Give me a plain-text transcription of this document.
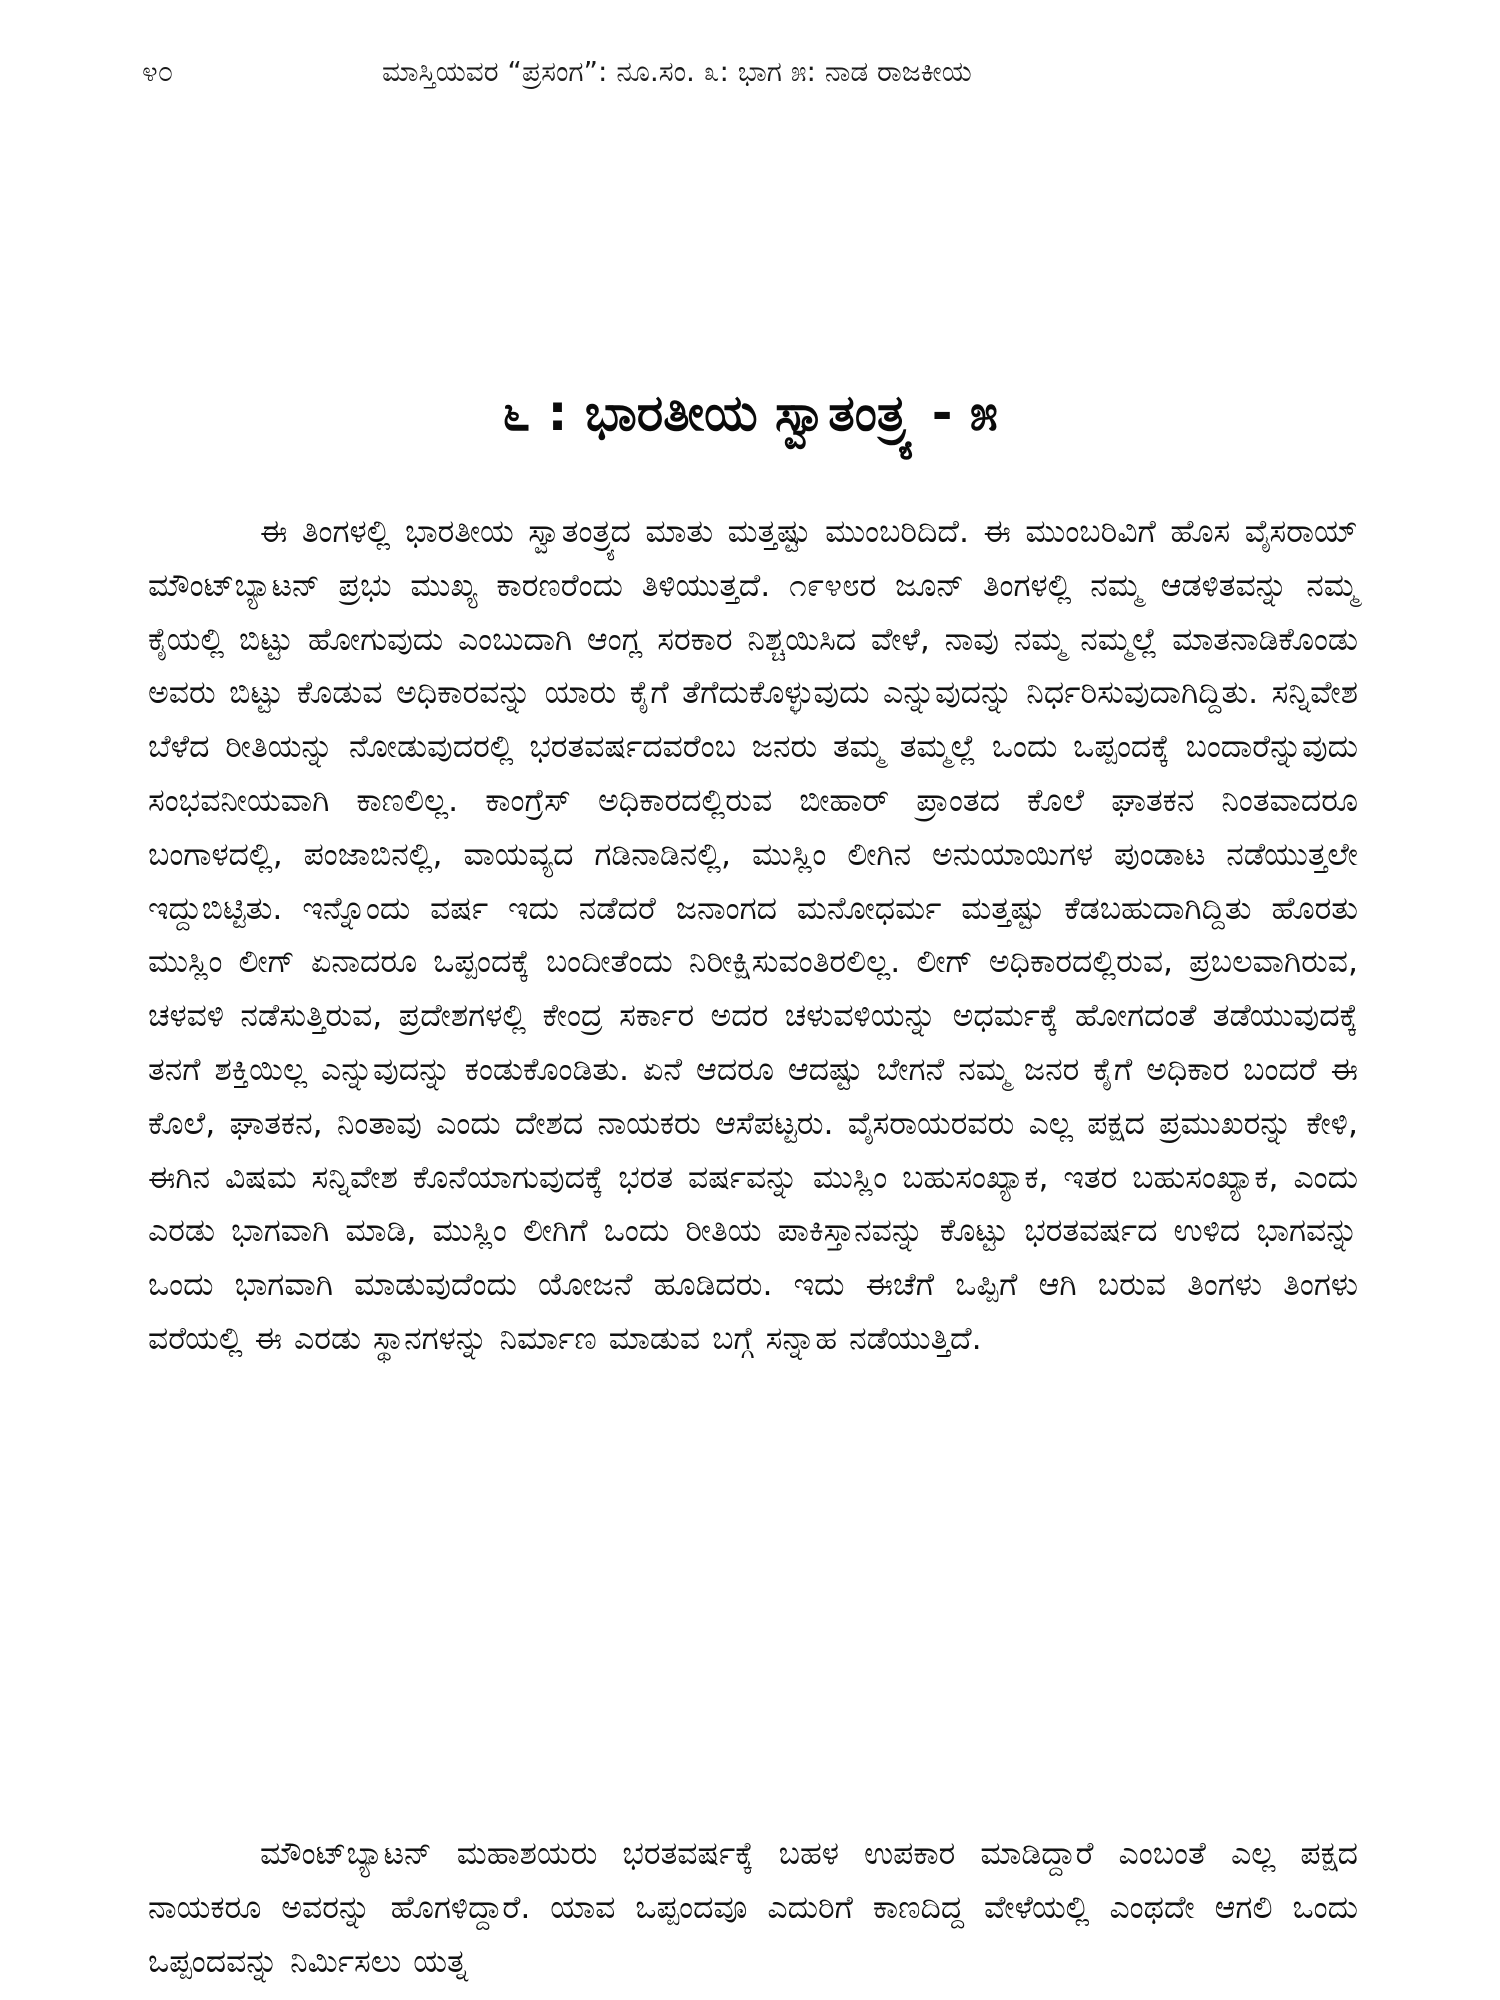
೪೦	ಮಾಸ್ತಿಯವರ “ಪ್ರಸಂಗ”: ನೂ.ಸಂ. ೩: ಭಾಗ ೫: ನಾಡ ರಾಜಕೀಯ
೬ : ಭಾರತೀಯ ಸ್ವಾತಂತ್ರ್ಯ - ೫

ಈ ತಿಂಗಳಲ್ಲಿ ಭಾರತೀಯ ಸ್ವಾತಂತ್ರ್ಯದ ಮಾತು ಮತ್ತಷ್ಟು ಮುಂಬರಿದಿದೆ. ಈ ಮುಂಬರಿವಿಗೆ ಹೊಸ ವೈಸರಾಯ್ ಮೌಂಟ್‌ಬ್ಯಾಟನ್ ಪ್ರಭು ಮುಖ್ಯ ಕಾರಣರೆಂದು ತಿಳಿಯುತ್ತದೆ. ೧೯೪೮ರ ಜೂನ್ ತಿಂಗಳಲ್ಲಿ ನಮ್ಮ ಆಡಳಿತವನ್ನು ನಮ್ಮ ಕೈಯಲ್ಲಿ ಬಿಟ್ಟು ಹೋಗುವುದು ಎಂಬುದಾಗಿ ಆಂಗ್ಲ ಸರಕಾರ ನಿಶ್ಚಯಿಸಿದ ವೇಳೆ, ನಾವು ನಮ್ಮ ನಮ್ಮಲ್ಲೆ ಮಾತನಾಡಿಕೊಂಡು ಅವರು ಬಿಟ್ಟು ಕೊಡುವ ಅಧಿಕಾರವನ್ನು ಯಾರು ಕೈಗೆ ತೆಗೆದುಕೊಳ್ಳುವುದು ಎನ್ನುವುದನ್ನು ನಿರ್ಧರಿಸುವುದಾಗಿದ್ದಿತು. ಸನ್ನಿವೇಶ ಬೆಳೆದ ರೀತಿಯನ್ನು ನೋಡುವುದರಲ್ಲಿ ಭರತವರ್ಷದವರೆಂಬ ಜನರು ತಮ್ಮ ತಮ್ಮಲ್ಲೆ ಒಂದು ಒಪ್ಪಂದಕ್ಕೆ ಬಂದಾರೆನ್ನುವುದು ಸಂಭವನೀಯವಾಗಿ ಕಾಣಲಿಲ್ಲ. ಕಾಂಗ್ರೆಸ್ ಅಧಿಕಾರದಲ್ಲಿರುವ ಬೀಹಾರ್ ಪ್ರಾಂತದ ಕೊಲೆ ಘಾತಕನ ನಿಂತವಾದರೂ ಬಂಗಾಳದಲ್ಲಿ, ಪಂಜಾಬಿನಲ್ಲಿ, ವಾಯವ್ಯದ ಗಡಿನಾಡಿನಲ್ಲಿ, ಮುಸ್ಲಿಂ ಲೀಗಿನ ಅನುಯಾಯಿಗಳ ಪುಂಡಾಟ ನಡೆಯುತ್ತಲೇ ಇದ್ದುಬಿಟ್ಟಿತು. ಇನ್ನೊಂದು ವರ್ಷ ಇದು ನಡೆದರೆ ಜನಾಂಗದ ಮನೋಧರ್ಮ ಮತ್ತಷ್ಟು ಕೆಡಬಹುದಾಗಿದ್ದಿತು ಹೊರತು ಮುಸ್ಲಿಂ ಲೀಗ್ ಏನಾದರೂ ಒಪ್ಪಂದಕ್ಕೆ ಬಂದೀತೆಂದು ನಿರೀಕ್ಷಿಸುವಂತಿರಲಿಲ್ಲ. ಲೀಗ್ ಅಧಿಕಾರದಲ್ಲಿರುವ, ಪ್ರಬಲವಾಗಿರುವ, ಚಳವಳಿ ನಡೆಸುತ್ತಿರುವ, ಪ್ರದೇಶಗಳಲ್ಲಿ ಕೇಂದ್ರ ಸರ್ಕಾರ ಅದರ ಚಳುವಳಿಯನ್ನು ಅಧರ್ಮಕ್ಕೆ ಹೋಗದಂತೆ ತಡೆಯುವುದಕ್ಕೆ ತನಗೆ ಶಕ್ತಿಯಿಲ್ಲ ಎನ್ನುವುದನ್ನು ಕಂಡುಕೊಂಡಿತು. ಏನೆ ಆದರೂ ಆದಷ್ಟು ಬೇಗನೆ ನಮ್ಮ ಜನರ ಕೈಗೆ ಅಧಿಕಾರ ಬಂದರೆ ಈ ಕೊಲೆ, ಘಾತಕನ, ನಿಂತಾವು ಎಂದು ದೇಶದ ನಾಯಕರು ಆಸೆಪಟ್ಟರು. ವೈಸರಾಯರವರು ಎಲ್ಲ ಪಕ್ಷದ ಪ್ರಮುಖರನ್ನು ಕೇಳಿ, ಈಗಿನ ವಿಷಮ ಸನ್ನಿವೇಶ ಕೊನೆಯಾಗುವುದಕ್ಕೆ ಭರತ ವರ್ಷವನ್ನು ಮುಸ್ಲಿಂ ಬಹುಸಂಖ್ಯಾಕ, ಇತರ ಬಹುಸಂಖ್ಯಾಕ, ಎಂದು ಎರಡು ಭಾಗವಾಗಿ ಮಾಡಿ, ಮುಸ್ಲಿಂ ಲೀಗಿಗೆ ಒಂದು ರೀತಿಯ ಪಾಕಿಸ್ತಾನವನ್ನು ಕೊಟ್ಟು ಭರತವರ್ಷದ ಉಳಿದ ಭಾಗವನ್ನು ಒಂದು ಭಾಗವಾಗಿ ಮಾಡುವುದೆಂದು ಯೋಜನೆ ಹೂಡಿದರು. ಇದು ಈಚೆಗೆ ಒಪ್ಪಿಗೆ ಆಗಿ ಬರುವ ತಿಂಗಳು ತಿಂಗಳು ವರೆಯಲ್ಲಿ ಈ ಎರಡು ಸ್ಥಾನಗಳನ್ನು ನಿರ್ಮಾಣ ಮಾಡುವ ಬಗ್ಗೆ ಸನ್ನಾಹ ನಡೆಯುತ್ತಿದೆ.

ಮೌಂಟ್‌ಬ್ಯಾಟನ್ ಮಹಾಶಯರು ಭರತವರ್ಷಕ್ಕೆ ಬಹಳ ಉಪಕಾರ ಮಾಡಿದ್ದಾರೆ ಎಂಬಂತೆ ಎಲ್ಲ ಪಕ್ಷದ ನಾಯಕರೂ ಅವರನ್ನು ಹೊಗಳಿದ್ದಾರೆ. ಯಾವ ಒಪ್ಪಂದವೂ ಎದುರಿಗೆ ಕಾಣದಿದ್ದ ವೇಳೆಯಲ್ಲಿ ಎಂಥದೇ ಆಗಲಿ ಒಂದು ಒಪ್ಪಂದವನ್ನು ನಿರ್ಮಿಸಲು ಯತ್ನ
